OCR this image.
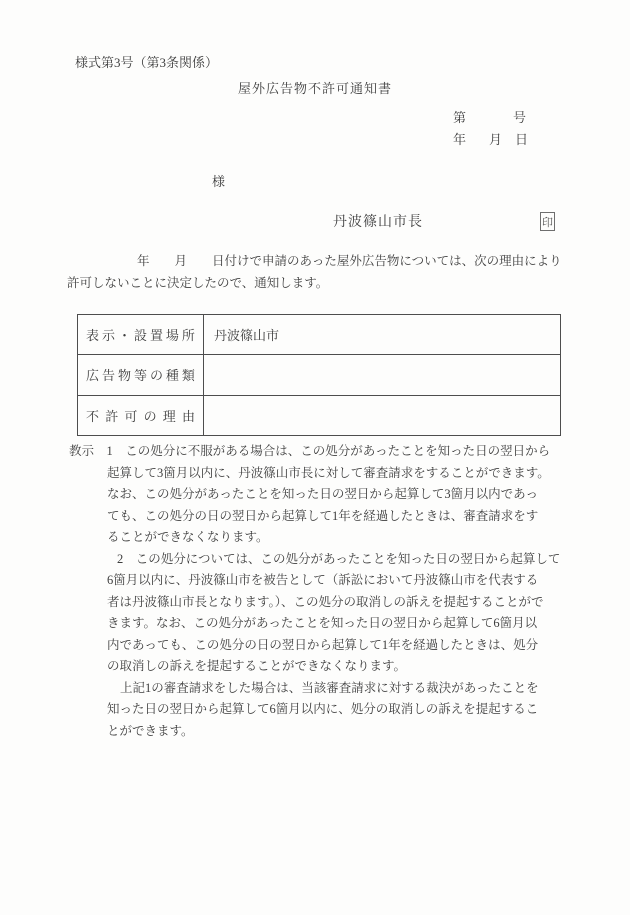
様式第3号（第3条関係）
屋外広告物不許可通知書
第	号
年 月 日
様
丹波篠山市長	印
年　　月　　日付けで申請のあった屋外広告物については、次の理由により
許可しないことに決定したので、通知します。
表 示 ・ 設 置 場 所	丹波篠山市
広 告 物 等 の 種 類
不 許 可 の 理 由
教示　1　この処分に不服がある場合は、この処分があったことを知った日の翌日から
起算して3箇月以内に、丹波篠山市長に対して審査請求をすることができます。
なお、この処分があったことを知った日の翌日から起算して3箇月以内であっ
ても、この処分の日の翌日から起算して1年を経過したときは、審査請求をす
ることができなくなります。
2　この処分については、この処分があったことを知った日の翌日から起算して
6箇月以内に、丹波篠山市を被告として（訴訟において丹波篠山市を代表する
者は丹波篠山市長となります。）、この処分の取消しの訴えを提起することがで
きます。なお、この処分があったことを知った日の翌日から起算して6箇月以
内であっても、この処分の日の翌日から起算して1年を経過したときは、処分
の取消しの訴えを提起することができなくなります。
上記1の審査請求をした場合は、当該審査請求に対する裁決があったことを
知った日の翌日から起算して6箇月以内に、処分の取消しの訴えを提起するこ
とができます。
